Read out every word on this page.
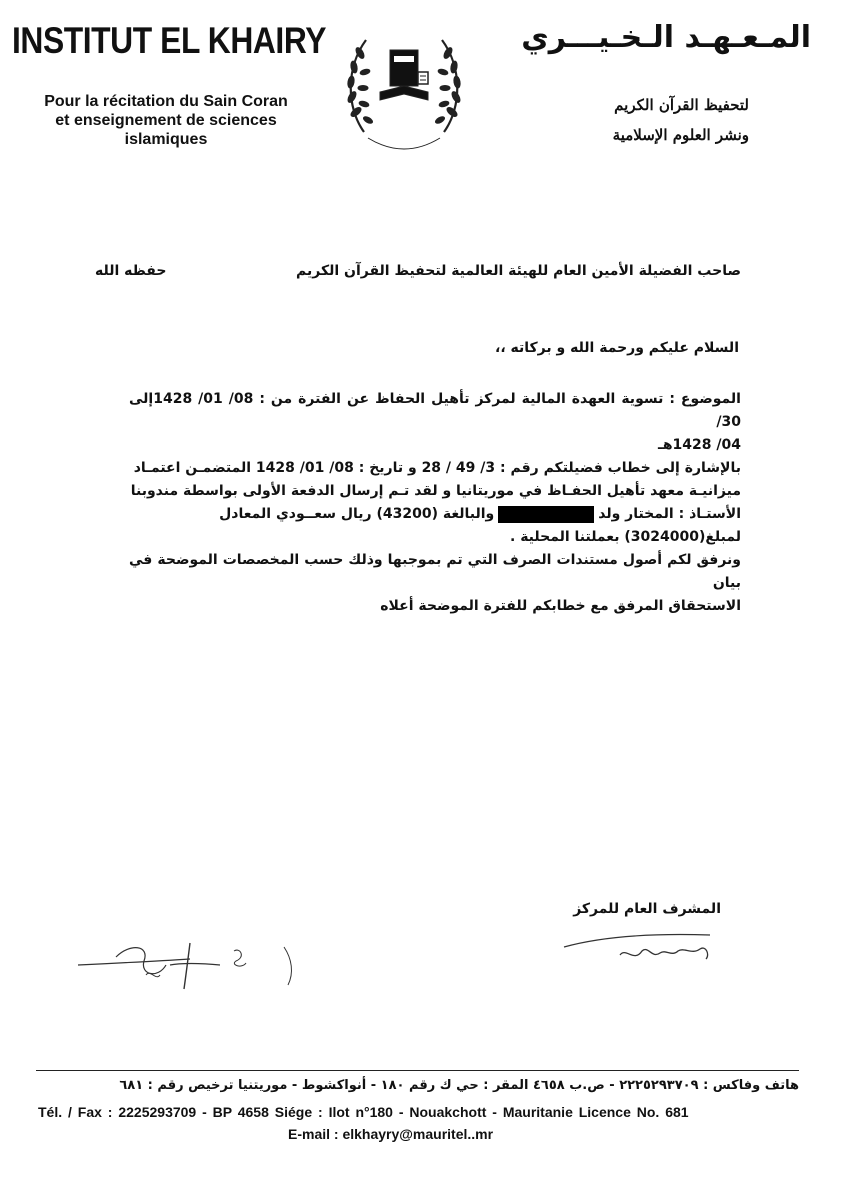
INSTITUT EL KHAIRY
Pour la récitation du Sain Coran
et enseignement de sciences
islamiques
المـعـهـد الـخـيـــري
لتحفيظ القرآن الكريم
ونشر العلوم الإسلامية
صاحب الفضيلة الأمين العام للهيئة العالمية لتحفيظ القرآن الكريم
حفظه الله
السلام عليكم ورحمة الله و بركاته ،،

الموضوع : تسوية العهدة المالية لمركز تأهيل الحفاظ عن الفترة من : 08/ 01/ 1428إلى 30/

04/ 1428هـ

بالإشارة إلى خطاب فضيلتكم رقم : 3/ 49 / 28 و تاريخ : 08/ 01/ 1428 المتضمـن اعتمـاد

ميزانيـة معهد تأهيل الحفـاظ في موريتانيا و لقد تـم إرسال الدفعة الأولى بواسطة مندوبنا

الأستـاذ : المختار ولدوالبالغة (43200) ريال سعــودي المعادل

لمبلغ(3024000) بعملتنا المحلية .

ونرفق لكم أصول مستندات الصرف التي تم بموجبها وذلك حسب المخصصات الموضحة في بيان

الاستحقاق المرفق مع خطابكم للفترة الموضحة أعلاه

المشرف العام للمركز
هاتف وفاكس : ٢٢٢٥٢٩٣٧٠٩ - ص.ب ٤٦٥٨ المقر : حي ك رقم ١٨٠ - أنواكشوط - موريتنيا ترخيص رقم : ٦٨١
Tél. / Fax : 2225293709 - BP 4658 Siége : Ilot n°180 - Nouakchott - Mauritanie Licence No. 681
E-mail : elkhayry@mauritel..mr
